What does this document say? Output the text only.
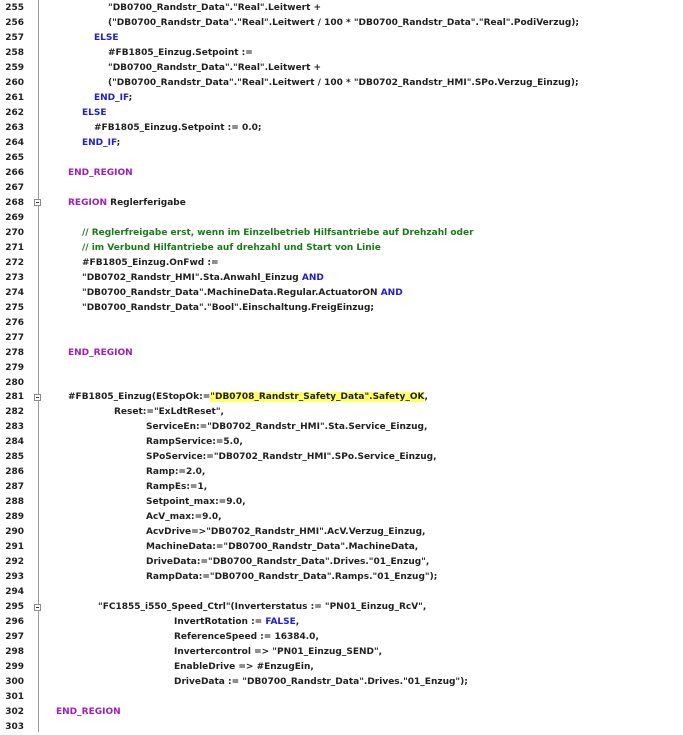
255	"DB0700_Randstr_Data"."Real".Leitwert +
256	("DB0700_Randstr_Data"."Real".Leitwert / 100 * "DB0700_Randstr_Data"."Real".PodiVerzug);
257	ELSE
258	#FB1805_Einzug.Setpoint :=
259	"DB0700_Randstr_Data"."Real".Leitwert +
260	("DB0700_Randstr_Data"."Real".Leitwert / 100 * "DB0702_Randstr_HMI".SPo.Verzug_Einzug);
261	END_IF;
262	ELSE
263	#FB1805_Einzug.Setpoint := 0.0;
264	END_IF;
265
266	END_REGION
267
268	REGION Reglerferigabe
269
270	// Reglerfreigabe erst, wenn im Einzelbetrieb Hilfsantriebe auf Drehzahl oder
271	// im Verbund Hilfantriebe auf drehzahl und Start von Linie
272	#FB1805_Einzug.OnFwd :=
273	"DB0702_Randstr_HMI".Sta.Anwahl_Einzug AND
274	"DB0700_Randstr_Data".MachineData.Regular.ActuatorON AND
275	"DB0700_Randstr_Data"."Bool".Einschaltung.FreigEinzug;
276
277
278	END_REGION
279
280
281	#FB1805_Einzug(EStopOk:="DB0708_Randstr_Safety_Data".Safety_OK,
282	Reset:="ExLdtReset",
283	ServiceEn:="DB0702_Randstr_HMI".Sta.Service_Einzug,
284	RampService:=5.0,
285	SPoService:="DB0702_Randstr_HMI".SPo.Service_Einzug,
286	Ramp:=2.0,
287	RampEs:=1,
288	Setpoint_max:=9.0,
289	AcV_max:=9.0,
290	AcvDrive=>"DB0702_Randstr_HMI".AcV.Verzug_Einzug,
291	MachineData:="DB0700_Randstr_Data".MachineData,
292	DriveData:="DB0700_Randstr_Data".Drives."01_Enzug",
293	RampData:="DB0700_Randstr_Data".Ramps."01_Enzug");
294
295	"FC1855_i550_Speed_Ctrl"(Inverterstatus := "PN01_Einzug_RcV",
296	InvertRotation := FALSE,
297	ReferenceSpeed := 16384.0,
298	Invertercontrol => "PN01_Einzug_SEND",
299	EnableDrive => #EnzugEin,
300	DriveData := "DB0700_Randstr_Data".Drives."01_Enzug");
301
302	END_REGION
303
